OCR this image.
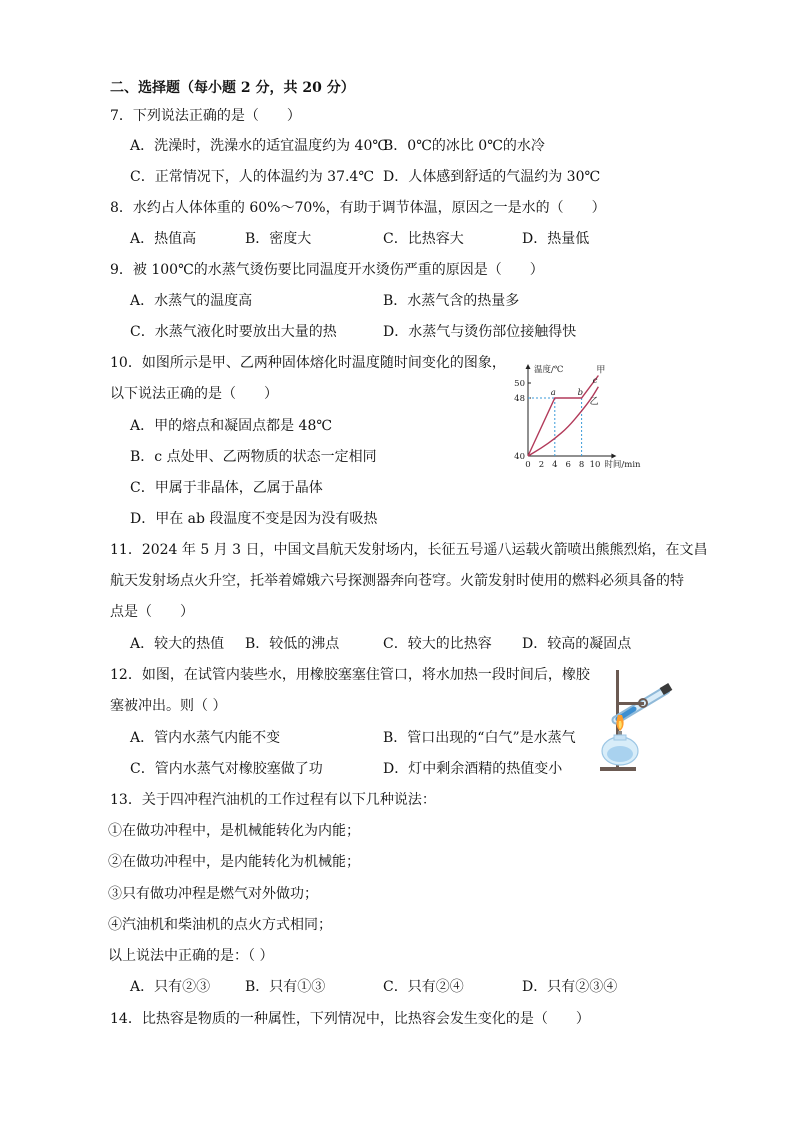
二、选择题（每小题 2 分，共 20 分）
7．下列说法正确的是（　　）
A．洗澡时，洗澡水的适宜温度约为 40℃
B．0℃的冰比 0℃的水冷
C．正常情况下，人的体温约为 37.4℃ D．人体感到舒适的气温约为 30℃
8．水约占人体体重的 60%～70%，有助于调节体温，原因之一是水的（　　）
A．热值高	B．密度大	C．比热容大	D．热量低
9．被 100℃的水蒸气烫伤要比同温度开水烫伤严重的原因是（　　）
A．水蒸气的温度高	B．水蒸气含的热量多
C．水蒸气液化时要放出大量的热	D．水蒸气与烫伤部位接触得快
10．如图所示是甲、乙两种固体熔化时温度随时间变化的图象，
以下说法正确的是（　　）
A．甲的熔点和凝固点都是 48℃
B．c 点处甲、乙两物质的状态一定相同
C．甲属于非晶体，乙属于晶体
D．甲在 ab 段温度不变是因为没有吸热
温度/℃
时间/min
0 2 4 6 8 10
40
48
50
甲
乙
a	b
c
11．2024 年 5 月 3 日，中国文昌航天发射场内，长征五号遥八运载火箭喷出熊熊烈焰，在文昌
航天发射场点火升空，托举着嫦娥六号探测器奔向苍穹。火箭发射时使用的燃料必须具备的特
点是（　　）
A．较大的热值 B．较低的沸点	C．较大的比热容 D．较高的凝固点
12．如图，在试管内装些水，用橡胶塞塞住管口，将水加热一段时间后，橡胶
塞被冲出。则（ ）
A．管内水蒸气内能不变	B．管口出现的“白气”是水蒸气
C．管内水蒸气对橡胶塞做了功	D．灯中剩余酒精的热值变小
13．关于四冲程汽油机的工作过程有以下几种说法：
①在做功冲程中，是机械能转化为内能；
②在做功冲程中，是内能转化为机械能；
③只有做功冲程是燃气对外做功；
④汽油机和柴油机的点火方式相同；
以上说法中正确的是：（ ）
A．只有②③ B．只有①③	C．只有②④	D．只有②③④
14．比热容是物质的一种属性，下列情况中，比热容会发生变化的是（　　）
